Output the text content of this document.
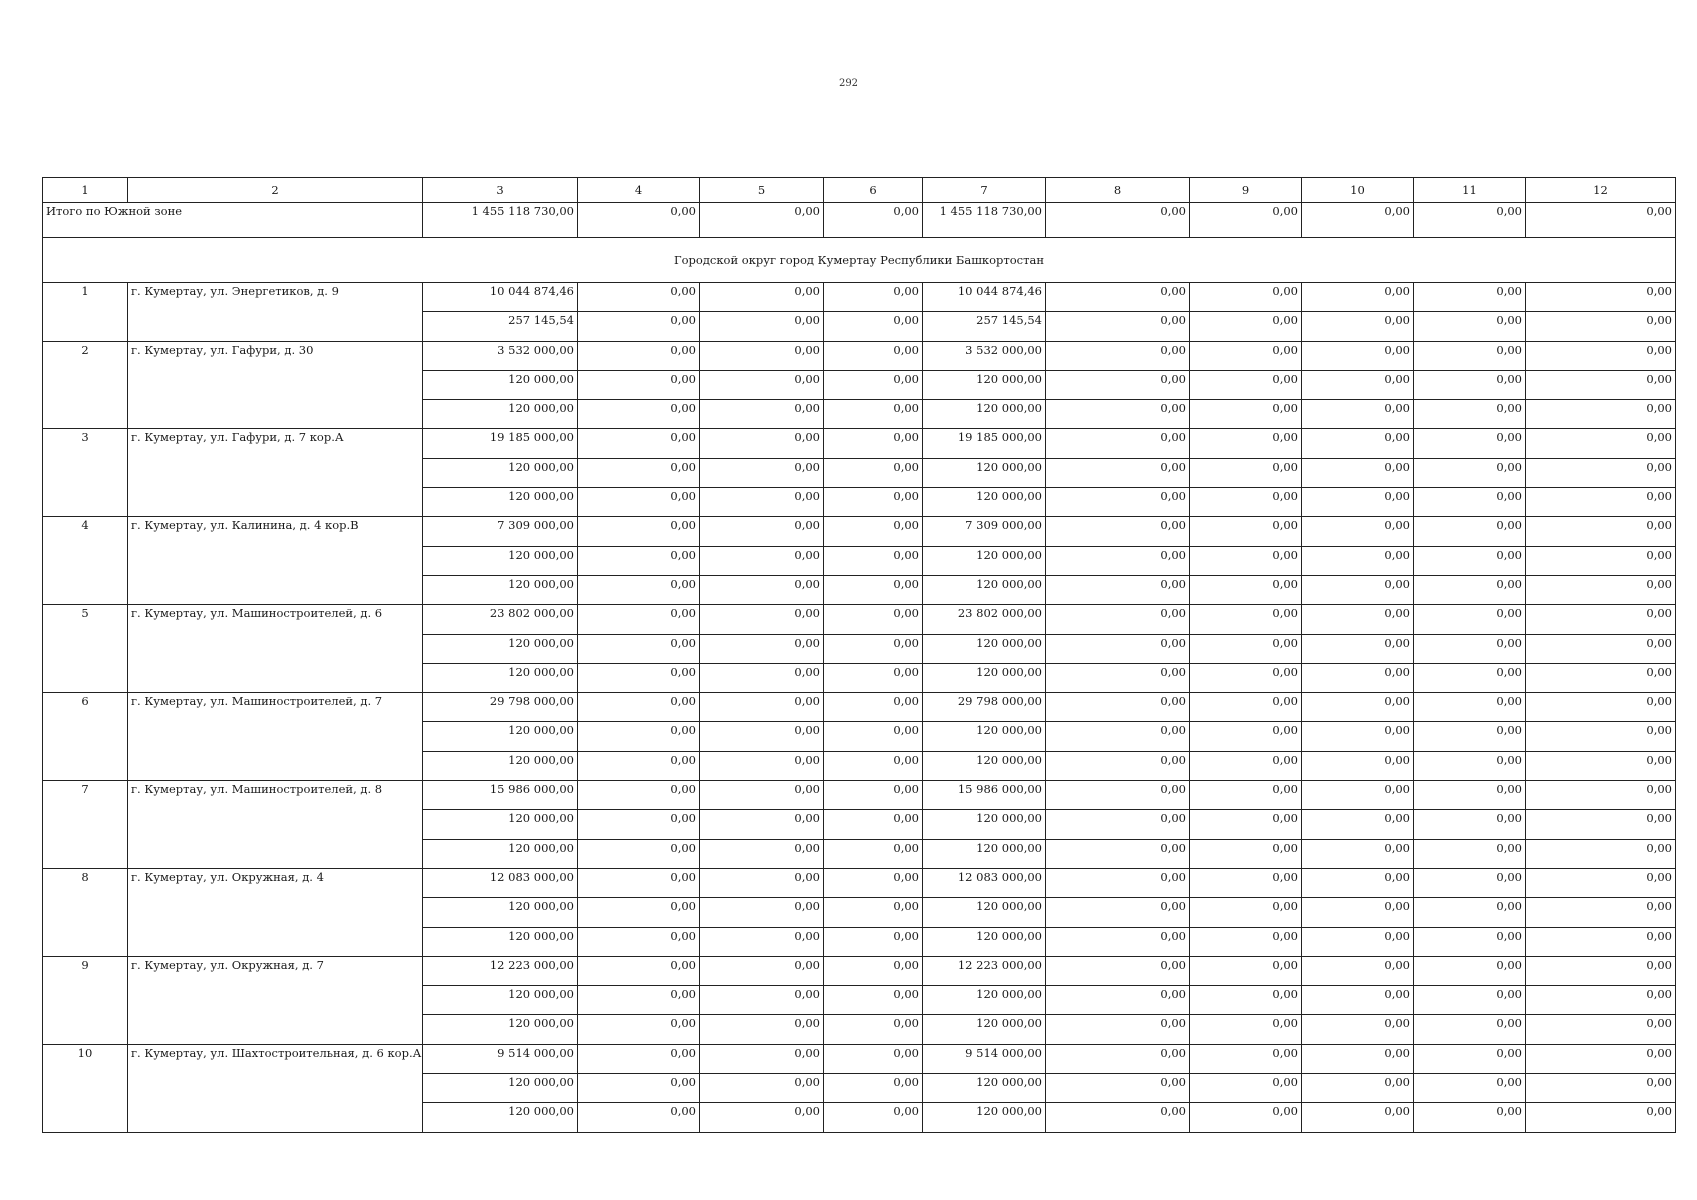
292
1	2	3	4	5	6	7	8	9	10	11	12
Итого по Южной зоне		1 455 118 730,00	0,00	0,00	0,00	1 455 118 730,00	0,00	0,00	0,00	0,00	0,00
Городской округ город Кумертау Республики Башкортостан											
1	г. Кумертау, ул. Энергетиков, д. 9	10 044 874,46	0,00	0,00	0,00	10 044 874,46	0,00	0,00	0,00	0,00	0,00
		257 145,54	0,00	0,00	0,00	257 145,54	0,00	0,00	0,00	0,00	0,00
2	г. Кумертау, ул. Гафури, д. 30	3 532 000,00	0,00	0,00	0,00	3 532 000,00	0,00	0,00	0,00	0,00	0,00
		120 000,00	0,00	0,00	0,00	120 000,00	0,00	0,00	0,00	0,00	0,00
		120 000,00	0,00	0,00	0,00	120 000,00	0,00	0,00	0,00	0,00	0,00
3	г. Кумертау, ул. Гафури, д. 7 кор.А	19 185 000,00	0,00	0,00	0,00	19 185 000,00	0,00	0,00	0,00	0,00	0,00
		120 000,00	0,00	0,00	0,00	120 000,00	0,00	0,00	0,00	0,00	0,00
		120 000,00	0,00	0,00	0,00	120 000,00	0,00	0,00	0,00	0,00	0,00
4	г. Кумертау, ул. Калинина, д. 4 кор.В	7 309 000,00	0,00	0,00	0,00	7 309 000,00	0,00	0,00	0,00	0,00	0,00
		120 000,00	0,00	0,00	0,00	120 000,00	0,00	0,00	0,00	0,00	0,00
		120 000,00	0,00	0,00	0,00	120 000,00	0,00	0,00	0,00	0,00	0,00
5	г. Кумертау, ул. Машиностроителей, д. 6	23 802 000,00	0,00	0,00	0,00	23 802 000,00	0,00	0,00	0,00	0,00	0,00
		120 000,00	0,00	0,00	0,00	120 000,00	0,00	0,00	0,00	0,00	0,00
		120 000,00	0,00	0,00	0,00	120 000,00	0,00	0,00	0,00	0,00	0,00
6	г. Кумертау, ул. Машиностроителей, д. 7	29 798 000,00	0,00	0,00	0,00	29 798 000,00	0,00	0,00	0,00	0,00	0,00
		120 000,00	0,00	0,00	0,00	120 000,00	0,00	0,00	0,00	0,00	0,00
		120 000,00	0,00	0,00	0,00	120 000,00	0,00	0,00	0,00	0,00	0,00
7	г. Кумертау, ул. Машиностроителей, д. 8	15 986 000,00	0,00	0,00	0,00	15 986 000,00	0,00	0,00	0,00	0,00	0,00
		120 000,00	0,00	0,00	0,00	120 000,00	0,00	0,00	0,00	0,00	0,00
		120 000,00	0,00	0,00	0,00	120 000,00	0,00	0,00	0,00	0,00	0,00
8	г. Кумертау, ул. Окружная, д. 4	12 083 000,00	0,00	0,00	0,00	12 083 000,00	0,00	0,00	0,00	0,00	0,00
		120 000,00	0,00	0,00	0,00	120 000,00	0,00	0,00	0,00	0,00	0,00
		120 000,00	0,00	0,00	0,00	120 000,00	0,00	0,00	0,00	0,00	0,00
9	г. Кумертау, ул. Окружная, д. 7	12 223 000,00	0,00	0,00	0,00	12 223 000,00	0,00	0,00	0,00	0,00	0,00
		120 000,00	0,00	0,00	0,00	120 000,00	0,00	0,00	0,00	0,00	0,00
		120 000,00	0,00	0,00	0,00	120 000,00	0,00	0,00	0,00	0,00	0,00
10	г. Кумертау, ул. Шахтостроительная, д. 6 кор.А	9 514 000,00	0,00	0,00	0,00	9 514 000,00	0,00	0,00	0,00	0,00	0,00
		120 000,00	0,00	0,00	0,00	120 000,00	0,00	0,00	0,00	0,00	0,00
		120 000,00	0,00	0,00	0,00	120 000,00	0,00	0,00	0,00	0,00	0,00
